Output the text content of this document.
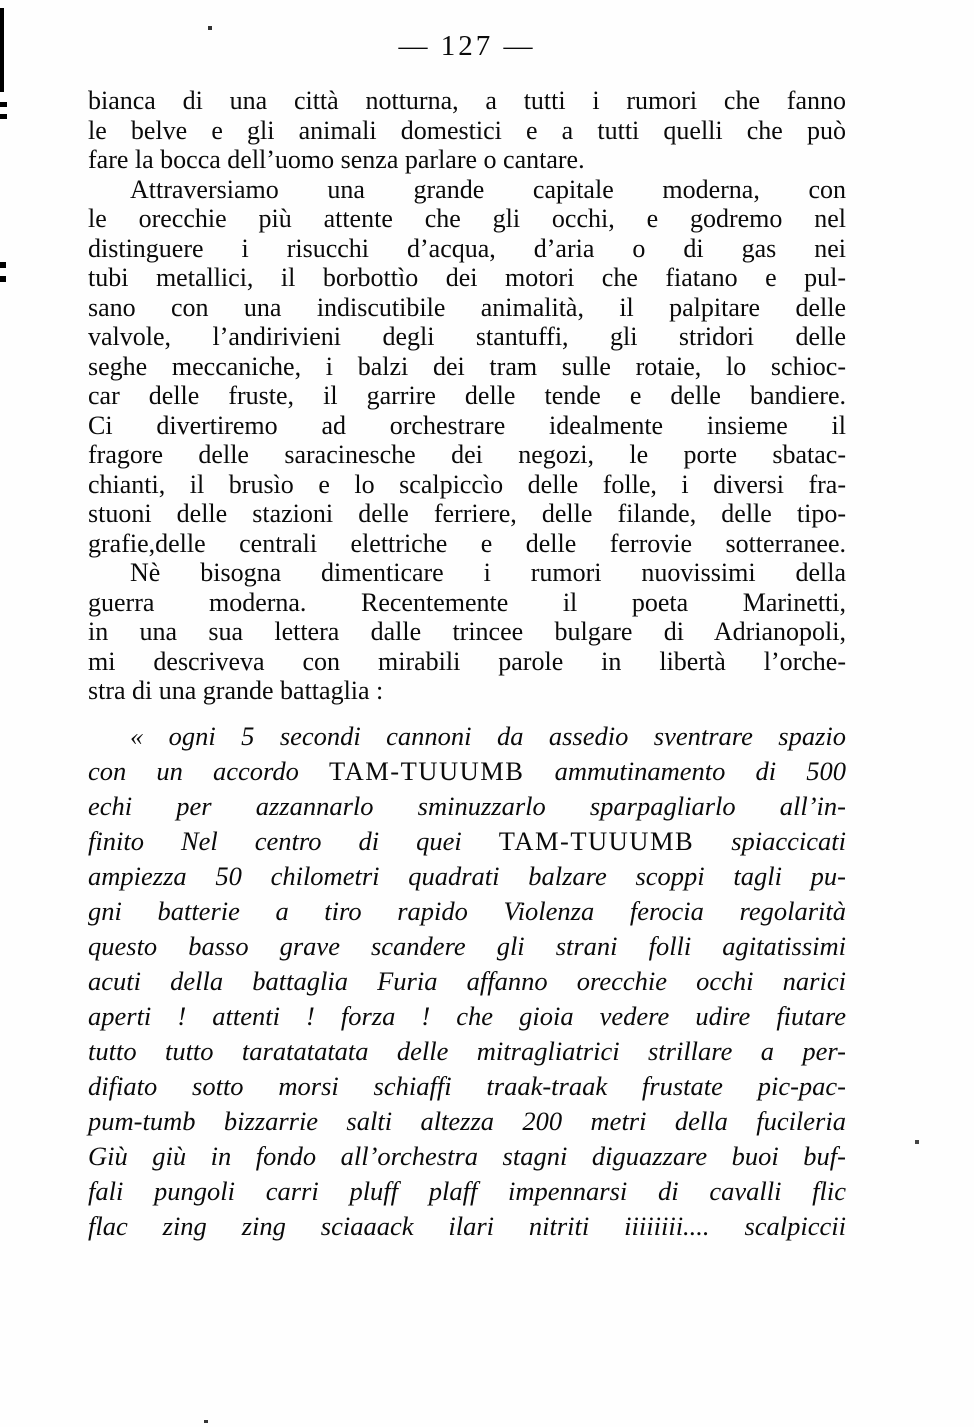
— 127 —
bianca di una città notturna, a tutti i rumori che fanno
le belve e gli animali domestici e a tutti quelli che può
fare la bocca dell’uomo senza parlare o cantare.
Attraversiamo una grande capitale moderna, con
le orecchie più attente che gli occhi, e godremo nel
distinguere i risucchi d’acqua, d’aria o di gas nei
tubi metallici, il borbottìo dei motori che fiatano e pul-
sano con una indiscutibile animalità, il palpitare delle
valvole, l’andirivieni degli stantuffi, gli stridori delle
seghe meccaniche, i balzi dei tram sulle rotaie, lo schioc-
car delle fruste, il garrire delle tende e delle bandiere.
Ci divertiremo ad orchestrare idealmente insieme il
fragore delle saracinesche dei negozi, le porte sbatac-
chianti, il brusìo e lo scalpiccìo delle folle, i diversi fra-
stuoni delle stazioni delle ferriere, delle filande, delle tipo-
grafie,delle centrali elettriche e delle ferrovie sotterranee.
Nè bisogna dimenticare i rumori nuovissimi della
guerra moderna. Recentemente il poeta Marinetti,
in una sua lettera dalle trincee bulgare di Adrianopoli,
mi descriveva con mirabili parole in libertà l’orche-
stra di una grande battaglia :
« ogni 5 secondi cannoni da assedio sventrare spazio
con un accordo TAM-TUUUMB ammutinamento di 500
echi per azzannarlo sminuzzarlo sparpagliarlo all’in-
finito Nel centro di quei TAM-TUUUMB spiaccicati
ampiezza 50 chilometri quadrati balzare scoppi tagli pu-
gni batterie a tiro rapido Violenza ferocia regolarità
questo basso grave scandere gli strani folli agitatissimi
acuti della battaglia Furia affanno orecchie occhi narici
aperti ! attenti ! forza ! che gioia vedere udire fiutare
tutto tutto taratatatata delle mitragliatrici strillare a per-
difiato sotto morsi schiaffi traak-traak frustate pic-pac-
pum-tumb bizzarrie salti altezza 200 metri della fucileria
Giù giù in fondo all’orchestra stagni diguazzare buoi buf-
fali pungoli carri pluff plaff impennarsi di cavalli flic
flac zing zing sciaaack ilari nitriti iiiiiiii.... scalpiccii
